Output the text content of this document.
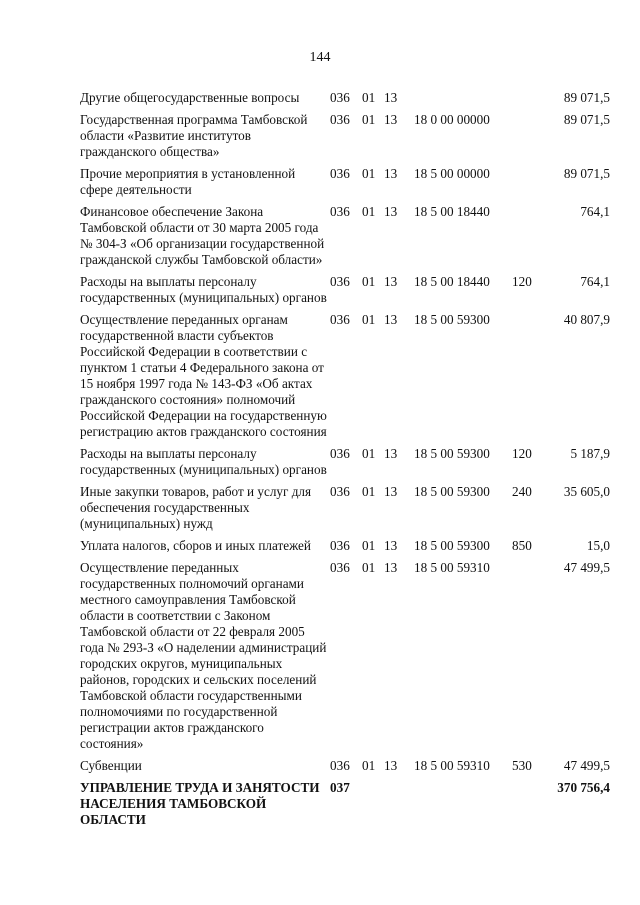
144
Другие общегосударственные вопросы	036	01	13			89 071,5
Государственная программа Тамбовской области «Развитие институтов гражданского общества»	036	01	13	18 0 00 00000		89 071,5
Прочие мероприятия в установленной сфере деятельности	036	01	13	18 5 00 00000		89 071,5
Финансовое обеспечение Закона Тамбовской области от 30 марта 2005 года № 304-З «Об организации государственной гражданской службы Тамбовской области»	036	01	13	18 5 00 18440		764,1
Расходы на выплаты персоналу государственных (муниципальных) органов	036	01	13	18 5 00 18440	120	764,1
Осуществление переданных органам государственной власти субъектов Российской Федерации в соответствии с пунктом 1 статьи 4 Федерального закона от 15 ноября 1997 года № 143-ФЗ «Об актах гражданского состояния» полномочий Российской Федерации на государственную регистрацию актов гражданского состояния	036	01	13	18 5 00 59300		40 807,9
Расходы на выплаты персоналу государственных (муниципальных) органов	036	01	13	18 5 00 59300	120	5 187,9
Иные закупки товаров, работ и услуг для обеспечения государственных (муниципальных) нужд	036	01	13	18 5 00 59300	240	35 605,0
Уплата налогов, сборов и иных платежей	036	01	13	18 5 00 59300	850	15,0
Осуществление переданных государственных полномочий органами местного самоуправления Тамбовской области в соответствии с Законом Тамбовской области от 22 февраля 2005 года № 293-З «О наделении администраций городских округов, муниципальных районов, городских и сельских поселений Тамбовской области государственными полномочиями по государственной регистрации актов гражданского состояния»	036	01	13	18 5 00 59310		47 499,5
Субвенции	036	01	13	18 5 00 59310	530	47 499,5
УПРАВЛЕНИЕ ТРУДА И ЗАНЯТОСТИ НАСЕЛЕНИЯ ТАМБОВСКОЙ ОБЛАСТИ	037					370 756,4
